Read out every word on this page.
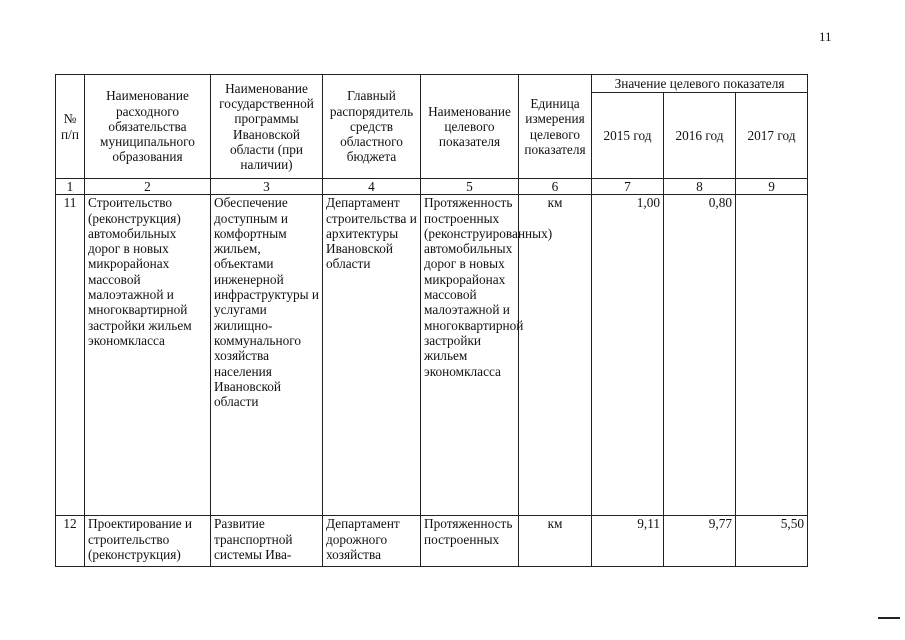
11
№ п/п	Наименование расходного обязательства муниципального образования	Наименование государственной программы Ивановской области (при наличии)	Главный распорядитель средств областного бюджета	Наименование целевого показателя	Единица измерения целевого показателя	Значение целевого показателя		
						2015 год	2016 год	2017 год
1	2	3	4	5	6	7	8	9
11	Строительство (реконструкция) автомобильных дорог в новых микрорайонах массовой малоэтажной и многоквартирной застройки жильем экономкласса	Обеспечение доступным и комфортным жильем, объектами инженерной инфраструктуры и услугами жилищно-коммунального хозяйства населения Ивановской области	Департамент строительства и архитектуры Ивановской области	Протяженность построенных (реконструированных) автомобильных дорог в новых микрорайонах массовой малоэтажной и многоквартирной застройки жильем экономкласса	км	1,00	0,80	
12	Проектирование и строительство (реконструкция)	Развитие транспортной системы Ива-	Департамент дорожного хозяйства	Протяженность построенных	км	9,11	9,77	5,50
